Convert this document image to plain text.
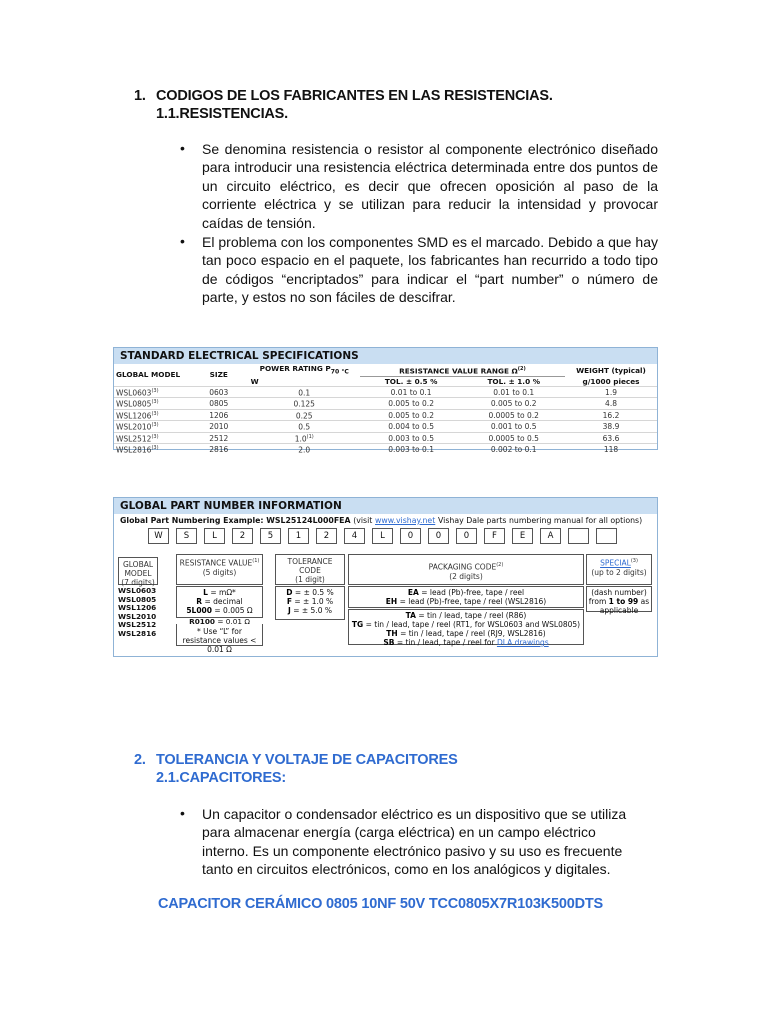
1. CODIGOS DE LOS FABRICANTES EN LAS RESISTENCIAS.
1.1.RESISTENCIAS.
• Se denomina resistencia o resistor al componente electrónico diseñado para introducir una resistencia eléctrica determinada entre dos puntos de un circuito eléctrico, es decir que ofrecen oposición al paso de la corriente eléctrica y se utilizan para reducir la intensidad y provocar caídas de tensión.

• El problema con los componentes SMD es el marcado. Debido a que hay tan poco espacio en el paquete, los fabricantes han recurrido a todo tipo de códigos “encriptados” para indicar el “part number” o número de parte, y estos no son fáciles de descifrar.

STANDARD ELECTRICAL SPECIFICATIONS
GLOBAL MODEL	SIZE	POWER RATING $P_{70 ^\circ C}$	RESISTANCE VALUE RANGE $\Omega^{(2)}$		WEIGHT (typical)
		W	TOL. ± 0.5 %	TOL. ± 1.0 %	g/1000 pieces
WSL0603$^{(3)}$	0603	0.1	0.01 to 0.1	0.01 to 0.1	1.9
WSL0805$^{(3)}$	0805	0.125	0.005 to 0.2	0.005 to 0.2	4.8
WSL1206$^{(3)}$	1206	0.25	0.005 to 0.2	0.0005 to 0.2	16.2
WSL2010$^{(3)}$	2010	0.5	0.004 to 0.5	0.001 to 0.5	38.9
WSL2512$^{(3)}$	2512	1.0$^{(1)}$	0.003 to 0.5	0.0005 to 0.5	63.6
WSL2816$^{(3)}$	2816	2.0	0.003 to 0.1	0.002 to 0.1	118
GLOBAL PART NUMBER INFORMATION
Global Part Numbering Example: WSL25124L000FEA (visit www.vishay.net Vishay Dale parts numbering manual for all options)
W	S	L	2	5	1	2	4	L	0	0	0	F	E	A
GLOBAL MODEL
(7 digits)
RESISTANCE VALUE$^{(1)}$
(5 digits)
TOLERANCE CODE
(1 digit)
PACKAGING CODE$^{(2)}$
(2 digits)
SPECIAL$^{(3)}$
(up to 2 digits)
WSL0603
WSL0805
WSL1206
WSL2010
WSL2512
WSL2816
L = mΩ*
R = decimal
5L000 = 0.005 Ω
R0100 = 0.01 Ω
* Use “L” for resistance values < 0.01 Ω
D = ± 0.5 %
F = ± 1.0 %
J = ± 5.0 %
EA = lead (Pb)-free, tape / reel
EH = lead (Pb)-free, tape / reel (WSL2816)
TA = tin / lead, tape / reel (R86)
TG = tin / lead, tape / reel (RT1, for WSL0603 and WSL0805)
TH = tin / lead, tape / reel (RJ9, WSL2816)
SB = tin / lead, tape / reel for DLA drawings
(dash number)
from 1 to 99 as
applicable
2. TOLERANCIA Y VOLTAJE DE CAPACITORES
2.1.CAPACITORES:
• Un capacitor o condensador eléctrico es un dispositivo que se utiliza para almacenar energía (carga eléctrica) en un campo eléctrico interno. Es un componente electrónico pasivo y su uso es frecuente tanto en circuitos electrónicos, como en los analógicos y digitales.

CAPACITOR CERÁMICO 0805 10NF 50V TCC0805X7R103K500DTS
